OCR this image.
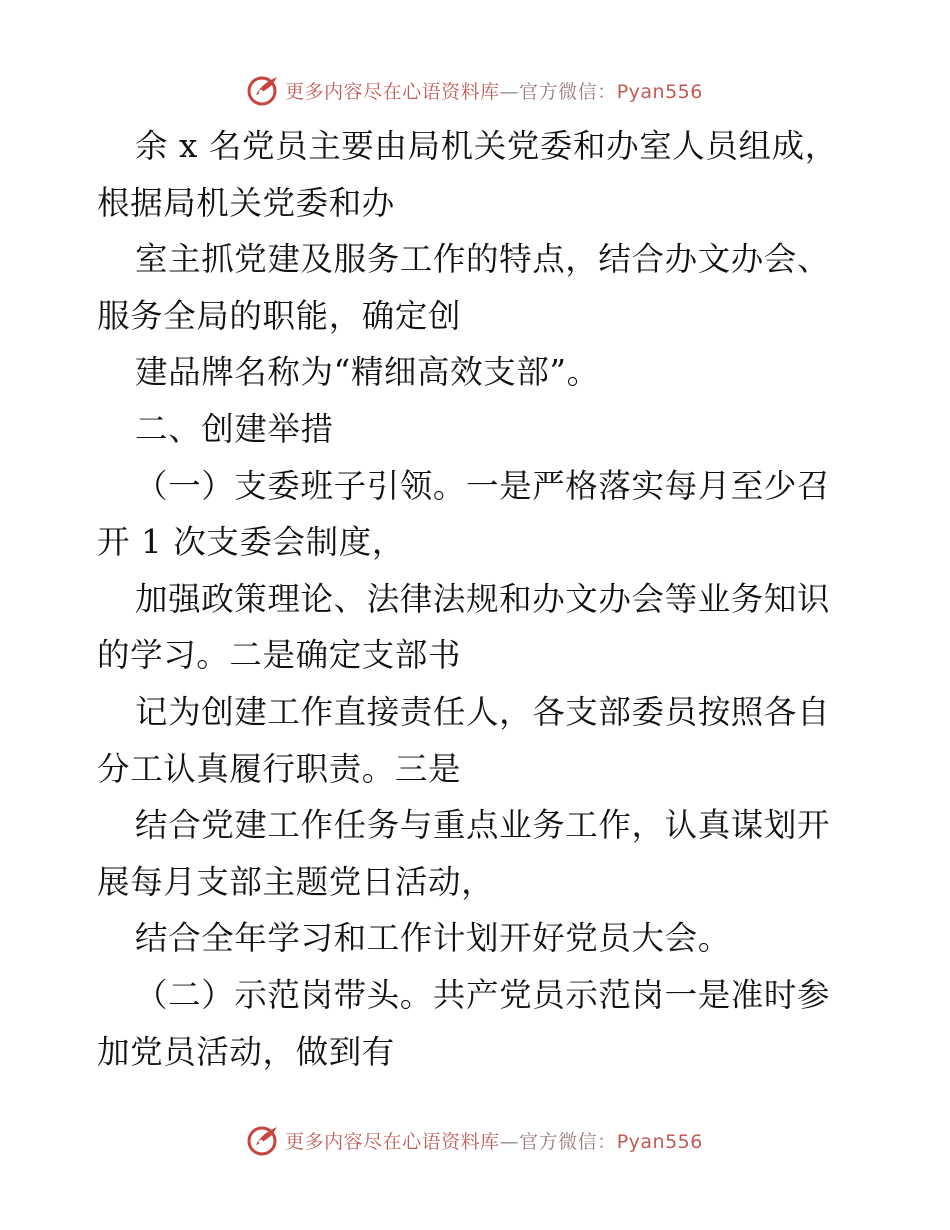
更多内容尽在心语资料库—官方微信：Pyan556
余 x 名党员主要由局机关党委和办室人员组成，
根据局机关党委和办
室主抓党建及服务工作的特点，结合办文办会、
服务全局的职能，确定创
建品牌名称为“精细高效支部”。
二、创建举措
（一）支委班子引领。一是严格落实每月至少召
开 1 次支委会制度，
加强政策理论、法律法规和办文办会等业务知识
的学习。二是确定支部书
记为创建工作直接责任人，各支部委员按照各自
分工认真履行职责。三是
结合党建工作任务与重点业务工作，认真谋划开
展每月支部主题党日活动，
结合全年学习和工作计划开好党员大会。
（二）示范岗带头。共产党员示范岗一是准时参
加党员活动，做到有
更多内容尽在心语资料库—官方微信：Pyan556
